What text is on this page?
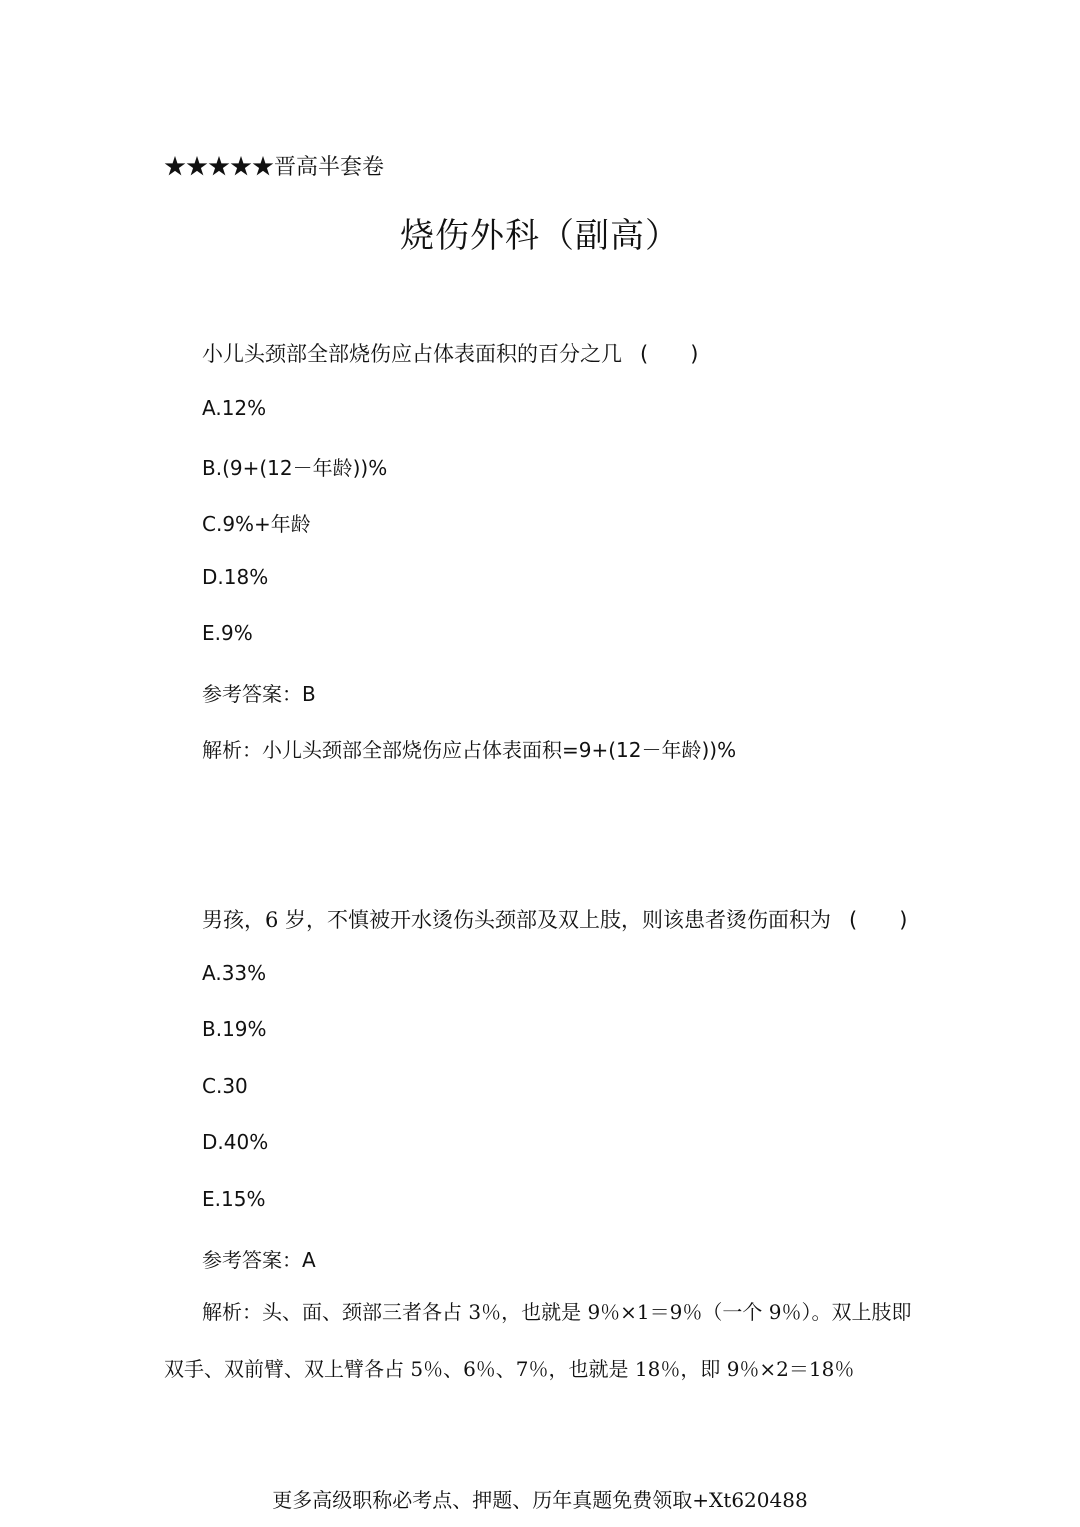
★★★★★晋高半套卷
烧伤外科（副高）
小儿头颈部全部烧伤应占体表面积的百分之几 (　　)
A.12%
B.(9+(12－年龄))%
C.9%+年龄
D.18%
E.9%
参考答案：B
解析：小儿头颈部全部烧伤应占体表面积=9+(12－年龄))%
男孩，6 岁，不慎被开水烫伤头颈部及双上肢，则该患者烫伤面积为 (　　)
A.33%
B.19%
C.30
D.40%
E.15%
参考答案：A
解析：头、面、颈部三者各占 3％，也就是 9％×1＝9％（一个 9％）。双上肢即双手、双前臂、双上臂各占 5％、6％、7％，也就是 18％，即 9％×2＝18％
更多高级职称必考点、押题、历年真题免费领取+Xt620488
